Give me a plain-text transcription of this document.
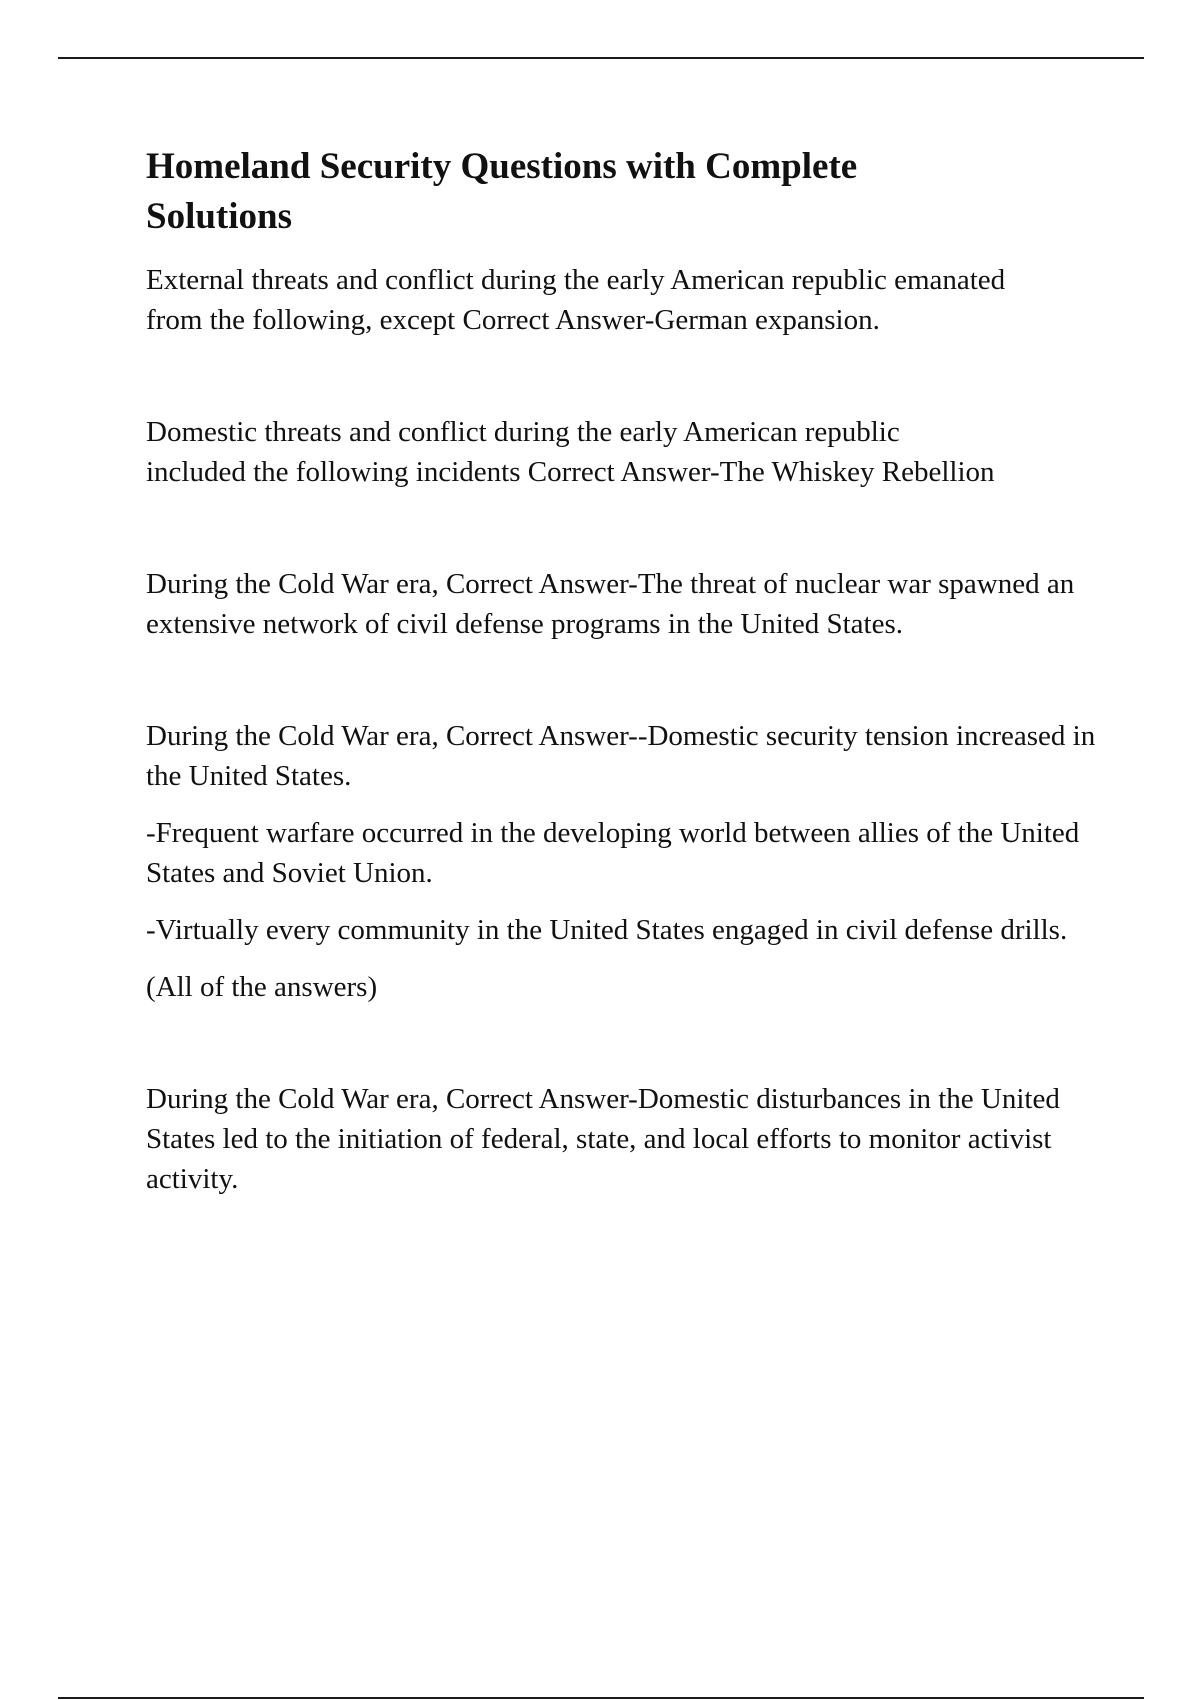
Homeland Security Questions with Complete Solutions

External threats and conflict during the early American republic emanated from the following, except Correct Answer-German expansion.

Domestic threats and conflict during the early American republic included the following incidents Correct Answer-The Whiskey Rebellion

During the Cold War era, Correct Answer-The threat of nuclear war spawned an extensive network of civil defense programs in the United States.

During the Cold War era, Correct Answer--Domestic security tension increased in the United States.

-Frequent warfare occurred in the developing world between allies of the United States and Soviet Union.

-Virtually every community in the United States engaged in civil defense drills.

(All of the answers)

During the Cold War era, Correct Answer-Domestic disturbances in the United States led to the initiation of federal, state, and local efforts to monitor activist activity.
